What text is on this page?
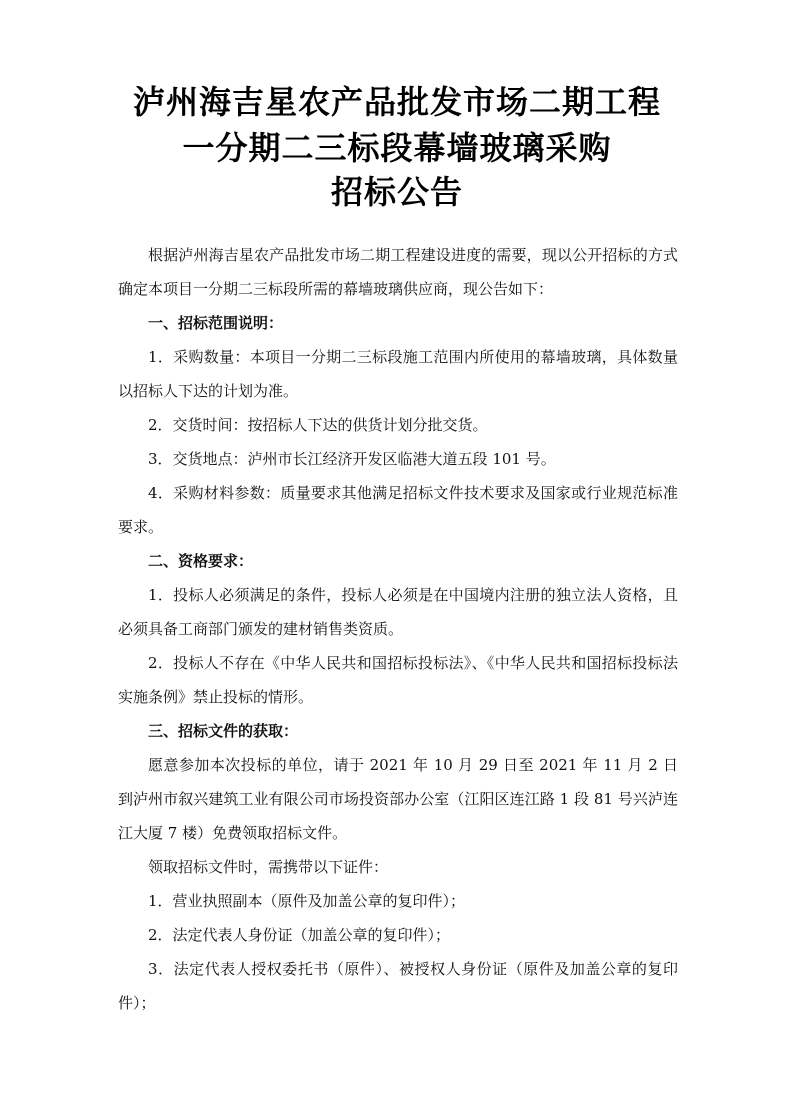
泸州海吉星农产品批发市场二期工程
一分期二三标段幕墙玻璃采购
招标公告

根据泸州海吉星农产品批发市场二期工程建设进度的需要，现以公开招标的方式确定本项目一分期二三标段所需的幕墙玻璃供应商，现公告如下：

一、招标范围说明：

1．采购数量：本项目一分期二三标段施工范围内所使用的幕墙玻璃，具体数量以招标人下达的计划为准。

2．交货时间：按招标人下达的供货计划分批交货。

3．交货地点：泸州市长江经济开发区临港大道五段 101 号。

4．采购材料参数：质量要求其他满足招标文件技术要求及国家或行业规范标准要求。

二、资格要求：

1．投标人必须满足的条件，投标人必须是在中国境内注册的独立法人资格，且必须具备工商部门颁发的建材销售类资质。

2．投标人不存在《中华人民共和国招标投标法》、《中华人民共和国招标投标法实施条例》禁止投标的情形。

三、招标文件的获取：

愿意参加本次投标的单位，请于 2021 年 10 月 29 日至 2021 年 11 月 2 日到泸州市叙兴建筑工业有限公司市场投资部办公室（江阳区连江路 1 段 81 号兴泸连江大厦 7 楼）免费领取招标文件。

领取招标文件时，需携带以下证件：

1．营业执照副本（原件及加盖公章的复印件）；

2．法定代表人身份证（加盖公章的复印件）；

3．法定代表人授权委托书（原件）、被授权人身份证（原件及加盖公章的复印件）；
